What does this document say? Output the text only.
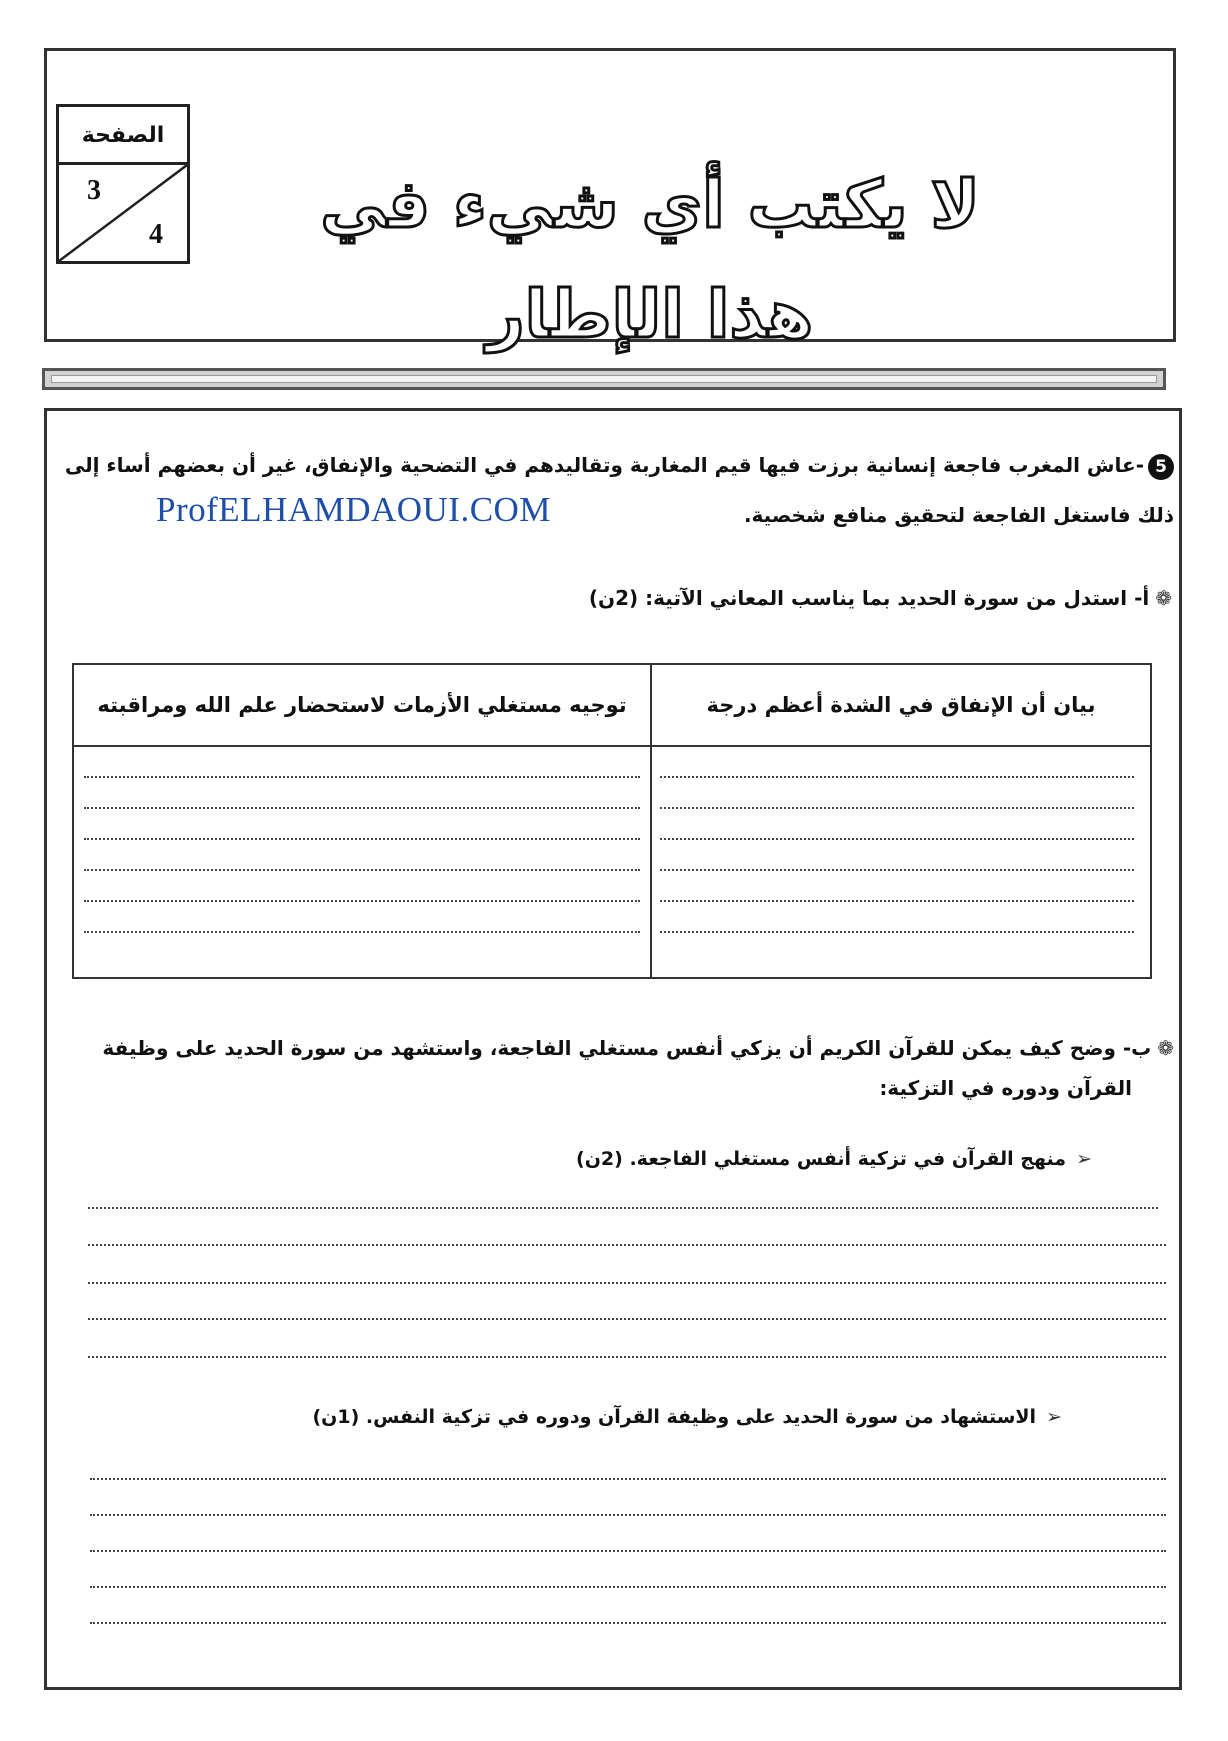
الصفحة
3
4	لا يكتب أي شيء في هذا الإطار
5-عاش المغرب فاجعة إنسانية برزت فيها قيم المغاربة وتقاليدهم في التضحية والإنفاق، غير أن بعضهم أساء إلى
ذلك فاستغل الفاجعة لتحقيق منافع شخصية.
ProfELHAMDAOUI.COM
❁أ- استدل من سورة الحديد بما يناسب المعاني الآتية: (2ن)
بيان أن الإنفاق في الشدة أعظم درجة
توجيه مستغلي الأزمات لاستحضار علم الله ومراقبته
❁ب- وضح كيف يمكن للقرآن الكريم أن يزكي أنفس مستغلي الفاجعة، واستشهد من سورة الحديد على وظيفة
القرآن ودوره في التزكية:
➢منهج القرآن في تزكية أنفس مستغلي الفاجعة. (2ن)
➢الاستشهاد من سورة الحديد على وظيفة القرآن ودوره في تزكية النفس. (1ن)
